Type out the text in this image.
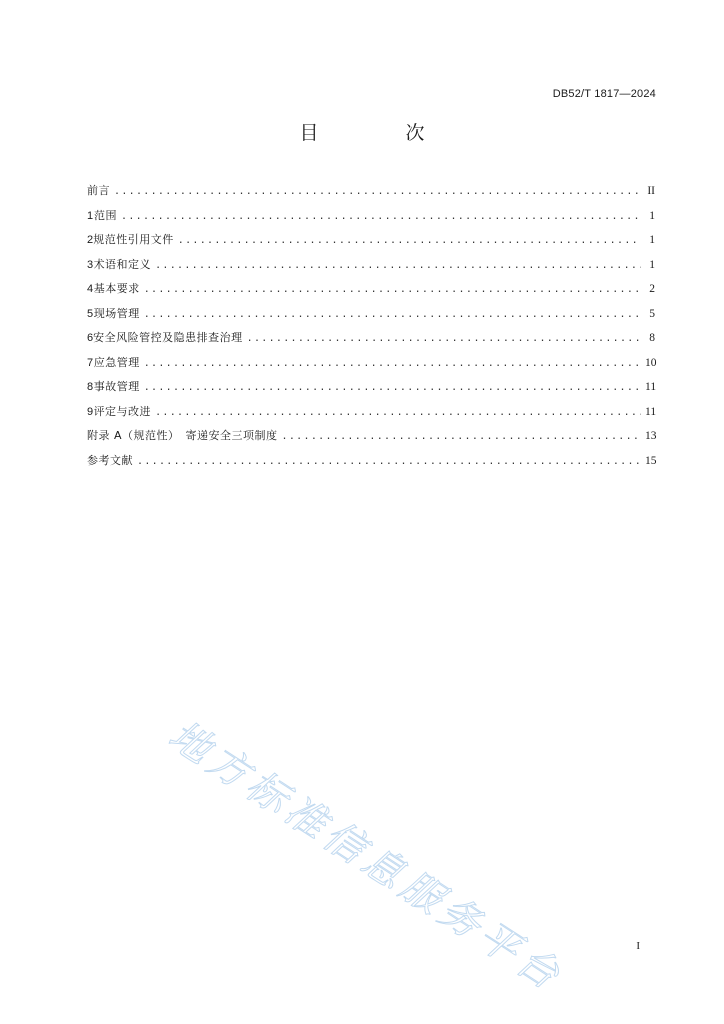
DB52/T 1817—2024
目　次
前言 .....	II
1 范围 .....	1
2 规范性引用文件 .....	1
3 术语和定义 .....	1
4 基本要求 .....	2
5 现场管理 .....	5
6 安全风险管控及隐患排查治理 .....	8
7 应急管理 .....	10
8 事故管理 .....	11
9 评定与改进 .....	11
附录 A（规范性）　寄递安全三项制度 .....	13
参考文献 .....	15
地方标准信息服务平台	I
